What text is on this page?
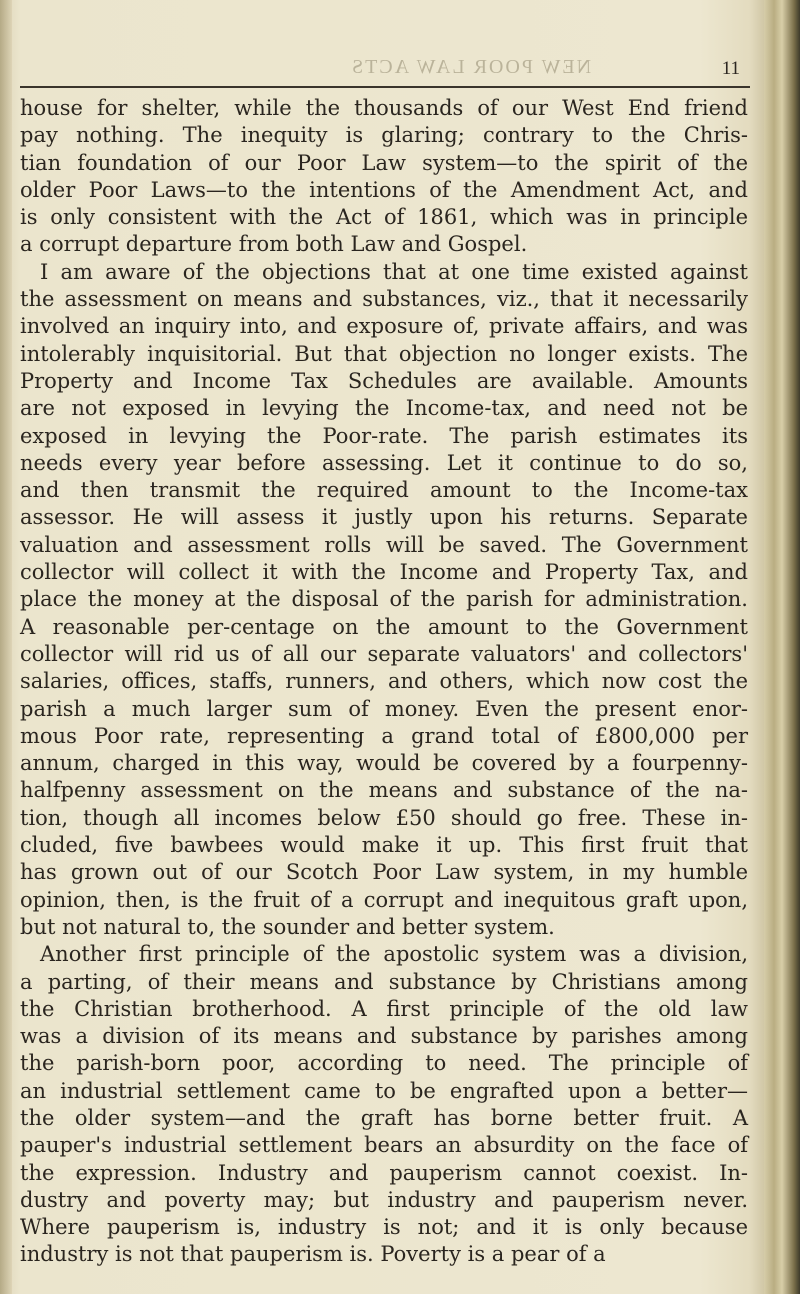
NEW POOR LAW ACTS	11
house for shelter, while the thousands of our West End friend
pay nothing. The inequity is glaring; contrary to the Chris-
tian foundation of our Poor Law system—to the spirit of the
older Poor Laws—to the intentions of the Amendment Act, and
is only consistent with the Act of 1861, which was in principle
a corrupt departure from both Law and Gospel.
I am aware of the objections that at one time existed against
the assessment on means and substances, viz., that it necessarily
involved an inquiry into, and exposure of, private affairs, and was
intolerably inquisitorial. But that objection no longer exists. The
Property and Income Tax Schedules are available. Amounts
are not exposed in levying the Income-tax, and need not be
exposed in levying the Poor-rate. The parish estimates its
needs every year before assessing. Let it continue to do so,
and then transmit the required amount to the Income-tax
assessor. He will assess it justly upon his returns. Separate
valuation and assessment rolls will be saved. The Government
collector will collect it with the Income and Property Tax, and
place the money at the disposal of the parish for administration.
A reasonable per-centage on the amount to the Government
collector will rid us of all our separate valuators' and collectors'
salaries, offices, staffs, runners, and others, which now cost the
parish a much larger sum of money. Even the present enor-
mous Poor rate, representing a grand total of £800,000 per
annum, charged in this way, would be covered by a fourpenny-
halfpenny assessment on the means and substance of the na-
tion, though all incomes below £50 should go free. These in-
cluded, five bawbees would make it up. This first fruit that
has grown out of our Scotch Poor Law system, in my humble
opinion, then, is the fruit of a corrupt and inequitous graft upon,
but not natural to, the sounder and better system.
Another first principle of the apostolic system was a division,
a parting, of their means and substance by Christians among
the Christian brotherhood. A first principle of the old law
was a division of its means and substance by parishes among
the parish-born poor, according to need. The principle of
an industrial settlement came to be engrafted upon a better—
the older system—and the graft has borne better fruit. A
pauper's industrial settlement bears an absurdity on the face of
the expression. Industry and pauperism cannot coexist. In-
dustry and poverty may; but industry and pauperism never.
Where pauperism is, industry is not; and it is only because
industry is not that pauperism is. Poverty is a pear of a
